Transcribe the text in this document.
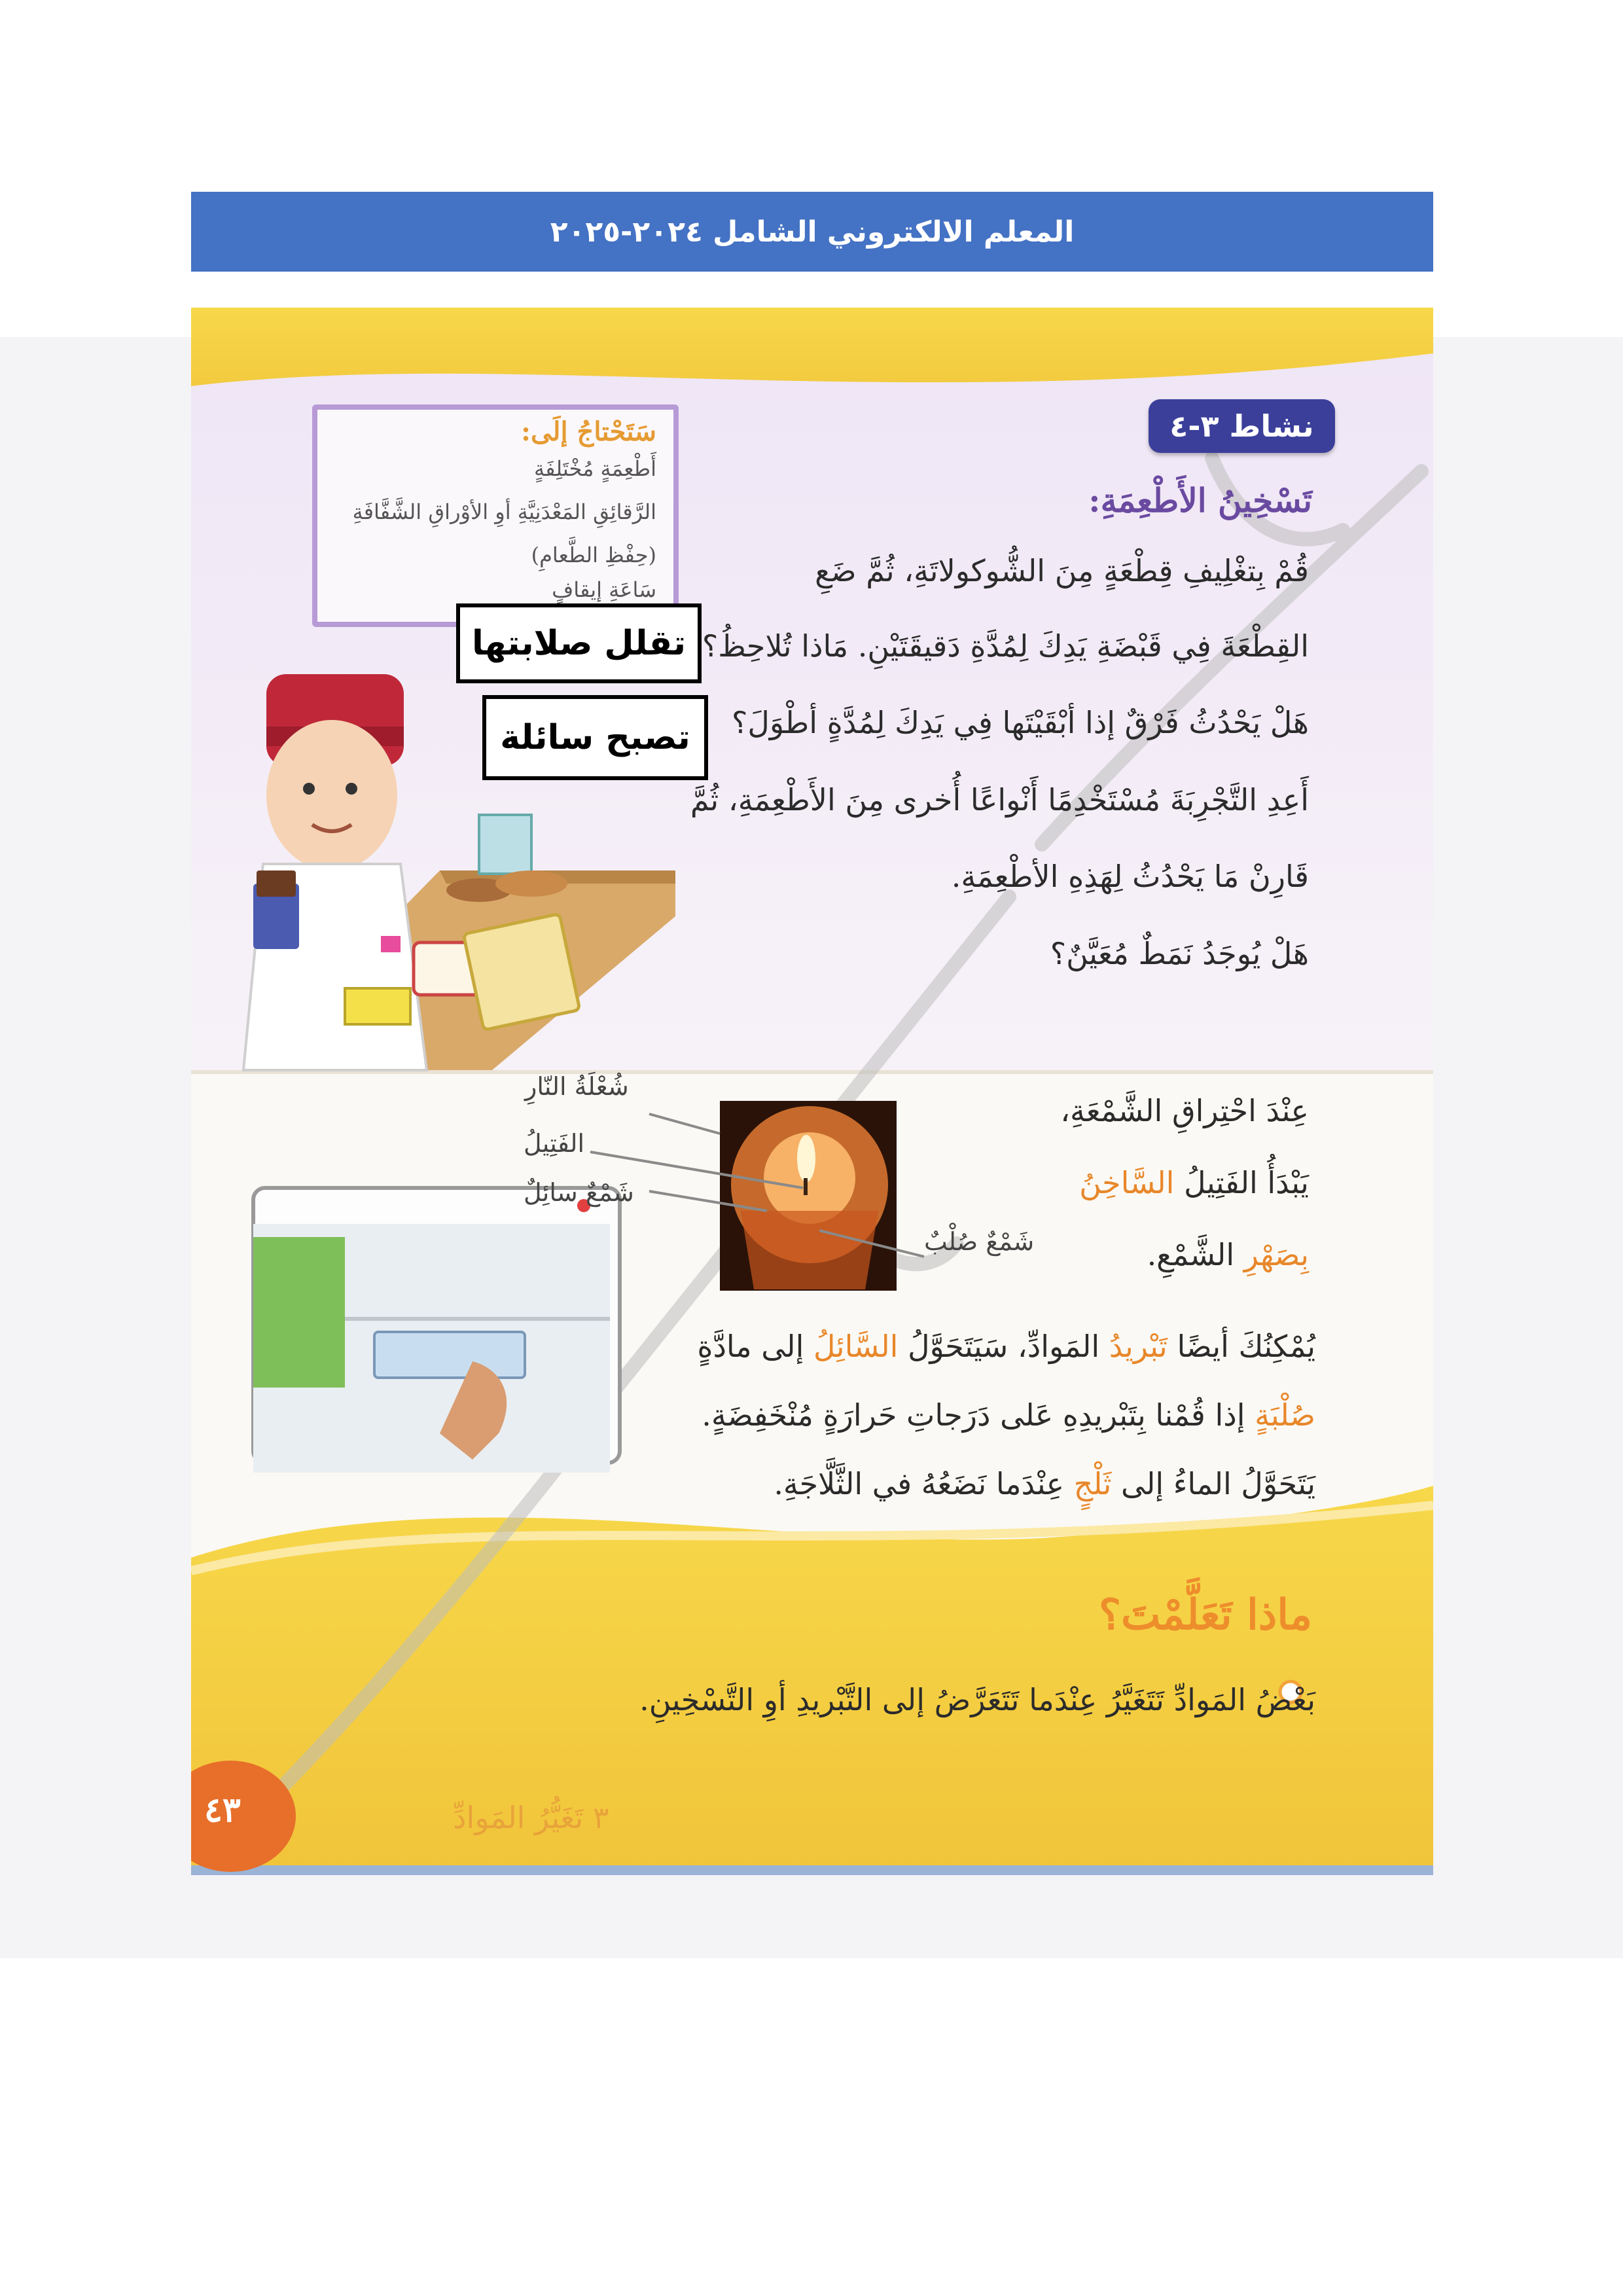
المعلم الالكتروني الشامل ٢٠٢٤-٢٠٢٥
نشاط ٣-٤
تَسْخِينُ الأَطْعِمَةِ:
سَتَحْتاجُ إلَى:
أَطْعِمَةٍ مُخْتَلِفَةٍ
الرَّقائِقِ المَعْدَنِيَّةِ أوِ الأوْراقِ الشَّفَّافَةِ
(حِفْظِ الطَّعامِ)
سَاعَةِ إيقافٍ
قُمْ بِتغْلِيفِ قِطْعَةٍ مِنَ الشُّوكولاتَةِ، ثُمَّ ضَعِ
القِطْعَةَ فِي قَبْضَةِ يَدِكَ لِمُدَّةِ دَقيقَتَيْنِ. مَاذا تُلاحِظُ؟
هَلْ يَحْدُثُ فَرْقٌ إذا أبْقَيْتَها فِي يَدِكَ لِمُدَّةٍ أطْوَلَ؟
أَعِدِ التَّجْرِبَةَ مُسْتَخْدِمًا أَنْواعًا أُخرى مِنَ الأَطْعِمَةِ، ثُمَّ
قَارِنْ مَا يَحْدُثُ لِهَذِهِ الأطْعِمَةِ.
هَلْ يُوجَدُ نَمَطٌ مُعَيَّنٌ؟
تقلل صلابتها
تصبح سائلة
عِنْدَ احْتِراقِ الشَّمْعَةِ،
يَبْدَأُ الفَتِيلُ السَّاخِنُ
بِصَهْرِ الشَّمْعِ.
شُعْلَةُ النّارِ
الفَتِيلُ
شَمْعٌ سائِلٌ
شَمْعٌ صُلْبٌ
يُمْكِنُكَ أيضًا تَبْريدُ المَوادِّ، سَيَتَحَوَّلُ السَّائِلُ إلى مادَّةٍ
صُلْبَةٍ إذا قُمْنا بِتَبْريدِهِ عَلى دَرَجاتِ حَرارَةٍ مُنْخَفِضَةٍ.
يَتَحَوَّلُ الماءُ إلى ثَلْجٍ عِنْدَما نَضَعُهُ في الثَّلَّاجَةِ.
ماذا تَعَلَّمْتَ؟
بَعْضُ المَوادِّ تَتَغَيَّرُ عِنْدَما تَتَعَرَّضُ إلى التَّبْريدِ أوِ التَّسْخِينِ.
٤٣	٣ تَغَيُّرُ المَوادِّ
